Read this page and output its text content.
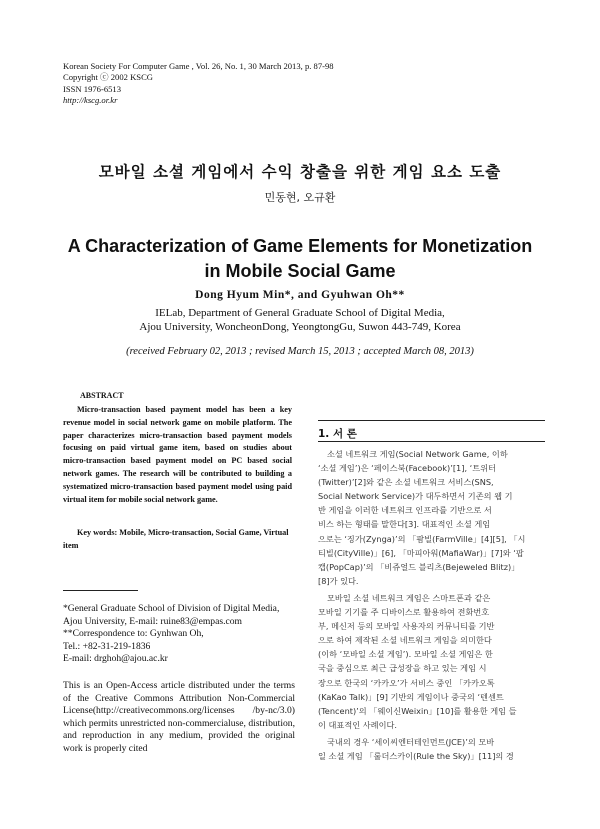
Korean Society For Computer Game , Vol. 26, No. 1, 30 March 2013, p. 87-98
Copyright ⓒ 2002 KSCG
ISSN 1976-6513
http://kscg.or.kr
모바일 소셜 게임에서 수익 창출을 위한 게임 요소 도출
민동현, 오규환
A Characterization of Game Elements for Monetization in Mobile Social Game
Dong Hyum Min*, and Gyuhwan Oh**
IELab, Department of General Graduate School of Digital Media,
Ajou University, WoncheonDong, YeongtongGu, Suwon 443-749, Korea
(received February 02, 2013 ; revised March 15, 2013 ; accepted March 08, 2013)
ABSTRACT
Micro-transaction based payment model has been a key revenue model in social network game on mobile platform. The paper characterizes micro-transaction based payment models focusing on paid virtual game item, based on studies about micro-transaction based payment model on PC based social network games. The research will be contributed to building a systematized micro-transaction based payment model using paid virtual item for mobile social network game.
Key words: Mobile, Micro-transaction, Social Game, Virtual item
*General Graduate School of Division of Digital Media,
Ajou University, E-mail: ruine83@empas.com
**Correspondence to: Gynhwan Oh,
Tel.: +82-31-219-1836
E-mail: drghoh@ajou.ac.kr
This is an Open-Access article distributed under the terms of the Creative Commons Attribution Non-Commercial License(http://creativecommons.org/licenses /by-nc/3.0) which permits unrestricted non-commercialuse, distribution, and reproduction in any medium, provided the original work is properly cited
1. 서 론
소셜 네트워크 게임(Social Network Game, 이하
‘소셜 게임’)은 ‘페이스북(Facebook)’[1], ‘트위터
(Twitter)’[2]와 같은 소셜 네트워크 서비스(SNS,
Social Network Service)가 대두하면서 기존의 웹 기
반 게임을 이러한 네트워크 인프라를 기반으로 서
비스 하는 형태를 말한다[3]. 대표적인 소셜 게임
으로는 ‘징가(Zynga)’의 「팜빌(FarmVille」[4][5], 「시
티빌(CityVille)」[6], 「마피아워(MafiaWar)」[7]와 ‘팝
캡(PopCap)’의 「비쥬얼드 블리츠(Bejeweled Blitz)」
[8]가 있다.
모바일 소셜 네트워크 게임은 스마트폰과 같은
모바일 기기를 주 디바이스로 활용하여 전화번호
부, 메신저 등의 모바일 사용자의 커뮤니티를 기반
으로 하여 제작된 소셜 네트워크 게임을 의미한다
(이하 ‘모바일 소셜 게임’). 모바일 소셜 게임은 한
국을 중심으로 최근 급성장을 하고 있는 게임 시
장으로 한국의 ‘카카오’가 서비스 중인 「카카오톡
(KaKao Talk)」[9] 기반의 게임이나 중국의 ‘텐센트
(Tencent)’의 「웨이신Weixin」[10]를 활용한 게임 들
이 대표적인 사례이다.
국내의 경우 ‘세이씨엔터테인먼트(JCE)’의 모바
일 소셜 게임 「룰더스카이(Rule the Sky)」[11]의 경
